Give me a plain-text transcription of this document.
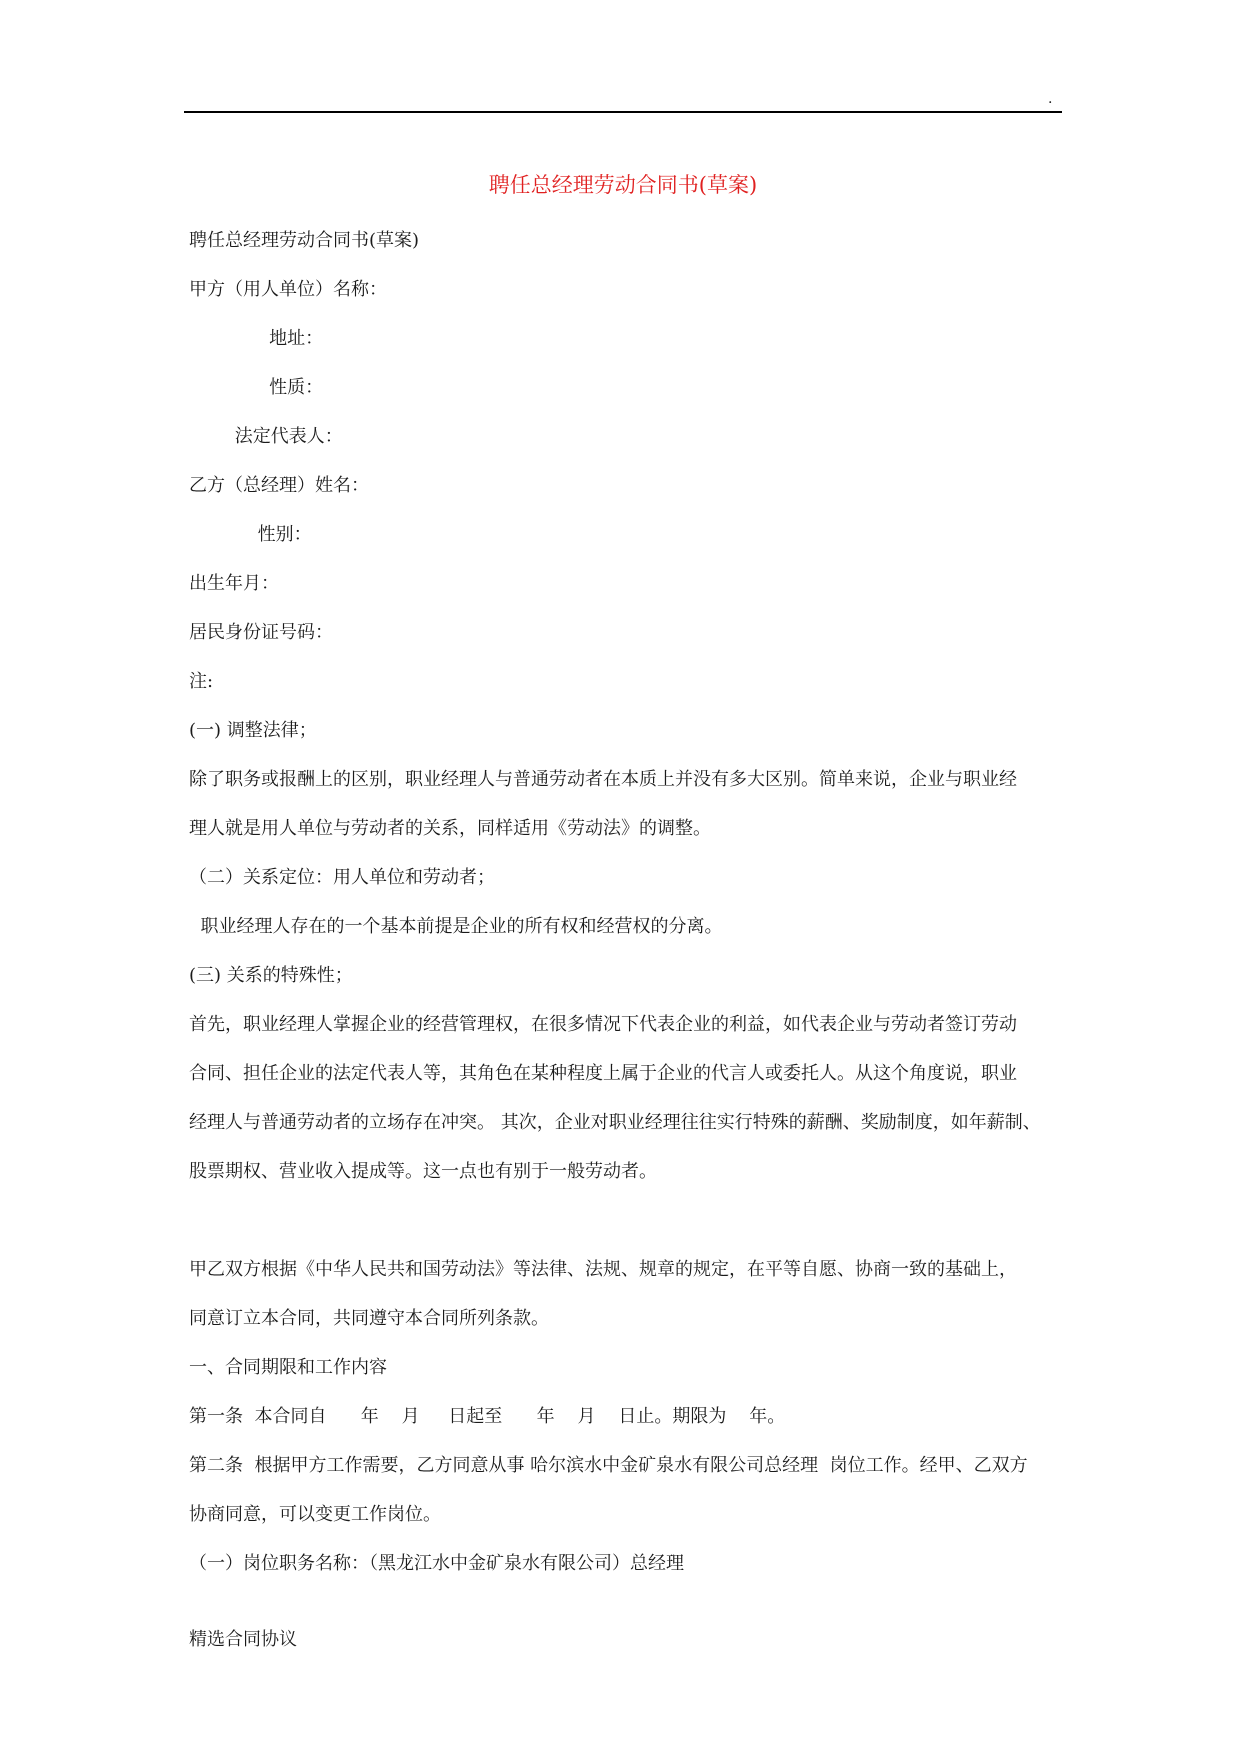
.
聘任总经理劳动合同书(草案)
聘任总经理劳动合同书(草案)
甲方（用人单位）名称：
地址：
性质：
法定代表人：
乙方（总经理）姓名：
性别：
出生年月：
居民身份证号码：
注:
(一) 调整法律；
除了职务或报酬上的区别，职业经理人与普通劳动者在本质上并没有多大区别。简单来说，企业与职业经
理人就是用人单位与劳动者的关系，同样适用《劳动法》的调整。
（二）关系定位：用人单位和劳动者；
职业经理人存在的一个基本前提是企业的所有权和经营权的分离。
(三) 关系的特殊性；
首先，职业经理人掌握企业的经营管理权，在很多情况下代表企业的利益，如代表企业与劳动者签订劳动
合同、担任企业的法定代表人等，其角色在某种程度上属于企业的代言人或委托人。从这个角度说，职业
经理人与普通劳动者的立场存在冲突。 其次，企业对职业经理往往实行特殊的薪酬、奖励制度，如年薪制、
股票期权、营业收入提成等。这一点也有别于一般劳动者。
甲乙双方根据《中华人民共和国劳动法》等法律、法规、规章的规定，在平等自愿、协商一致的基础上，
同意订立本合同，共同遵守本合同所列条款。
一、合同期限和工作内容
第一条  本合同自      年    月     日起至      年    月    日止。期限为    年。
第二条  根据甲方工作需要，乙方同意从事 哈尔滨水中金矿泉水有限公司总经理  岗位工作。经甲、乙双方
协商同意，可以变更工作岗位。
（一）岗位职务名称：（黑龙江水中金矿泉水有限公司）总经理
精选合同协议
